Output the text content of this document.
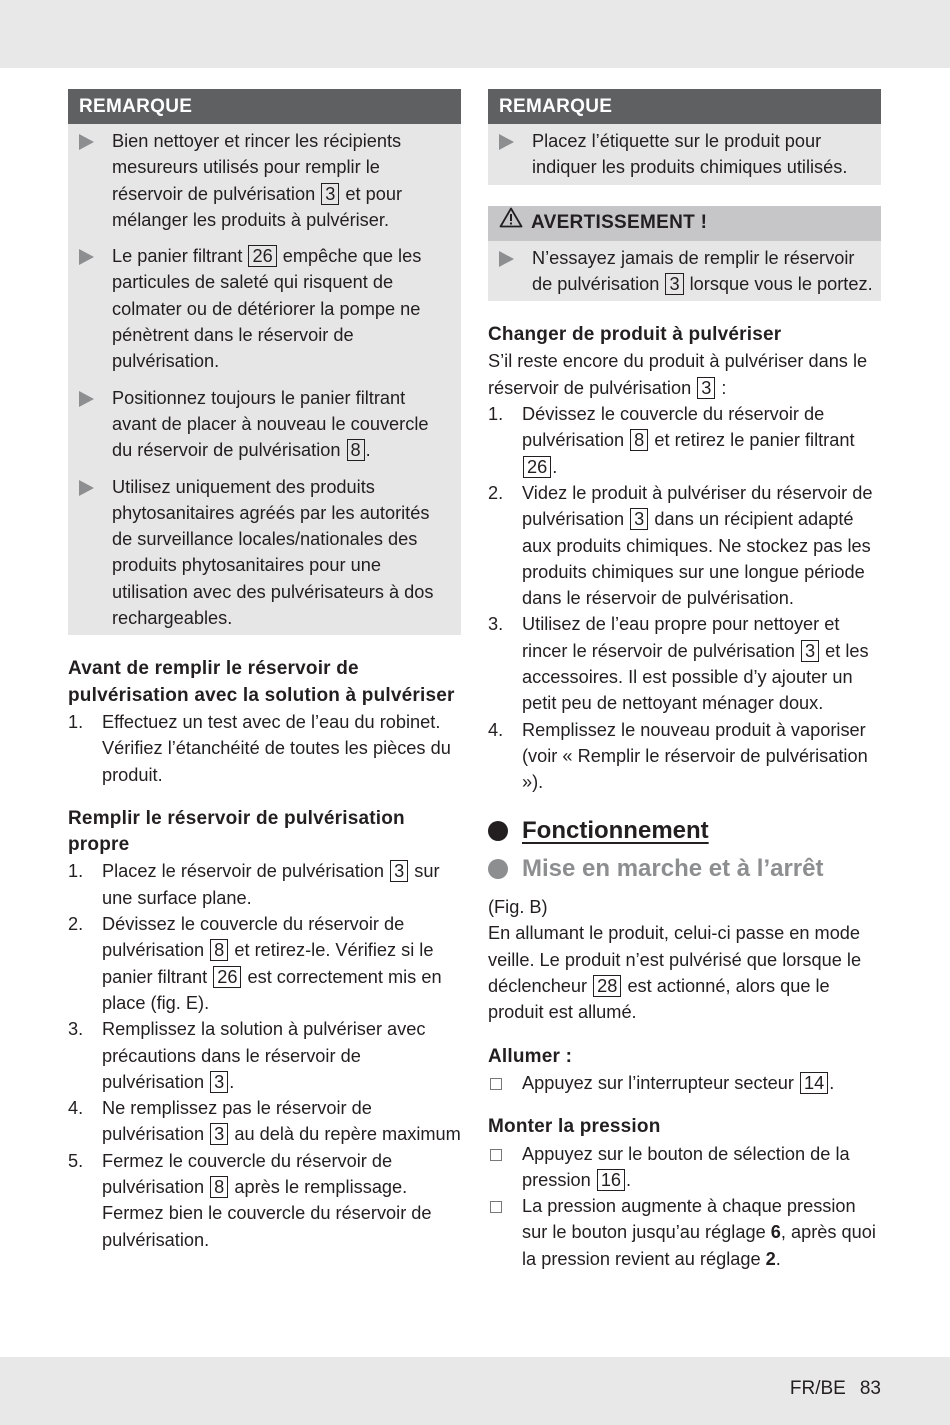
REMARQUE
Bien nettoyer et rincer les récipients mesureurs utilisés pour remplir le réservoir de pulvérisation 3 et pour mélanger les produits à pulvériser.
Le panier filtrant 26 empêche que les particules de saleté qui risquent de colmater ou de détériorer la pompe ne pénètrent dans le réservoir de pulvérisation.
Positionnez toujours le panier filtrant avant de placer à nouveau le couvercle du réservoir de pulvérisation 8 .
Utilisez uniquement des produits phytosanitaires agréés par les autorités de surveillance locales/nationales des produits phytosanitaires pour une utilisation avec des pulvérisateurs à dos rechargeables.
Avant de remplir le réservoir de pulvérisation avec la solution à pulvériser
1.	Effectuez un test avec de l’eau du robinet. Vérifiez l’étanchéité de toutes les pièces du produit.
Remplir le réservoir de pulvérisation propre
1.	Placez le réservoir de pulvérisation 3 sur une surface plane.
2.	Dévissez le couvercle du réservoir de pulvérisation 8 et retirez-le. Vérifiez si le panier filtrant 26 est correctement mis en place (fig. E).
3.	Remplissez la solution à pulvériser avec précautions dans le réservoir de pulvérisation 3 .
4.	Ne remplissez pas le réservoir de pulvérisation 3 au delà du repère maximum
5.	Fermez le couvercle du réservoir de pulvérisation 8 après le remplissage. Fermez bien le couvercle du réservoir de pulvérisation.
REMARQUE
Placez l’étiquette sur le produit pour indiquer les produits chimiques utilisés.
AVERTISSEMENT !
N’essayez jamais de remplir le réservoir de pulvérisation 3 lorsque vous le portez.
Changer de produit à pulvériser
S’il reste encore du produit à pulvériser dans le réservoir de pulvérisation 3 :
1.	Dévissez le couvercle du réservoir de pulvérisation 8 et retirez le panier filtrant 26 .
2.	Videz le produit à pulvériser du réservoir de pulvérisation 3 dans un récipient adapté aux produits chimiques. Ne stockez pas les produits chimiques sur une longue période dans le réservoir de pulvérisation.
3.	Utilisez de l’eau propre pour nettoyer et rincer le réservoir de pulvérisation 3 et les accessoires. Il est possible d’y ajouter un petit peu de nettoyant ménager doux.
4.	Remplissez le nouveau produit à vaporiser (voir « Remplir le réservoir de pulvérisation »).
Fonctionnement
Mise en marche et à l’arrêt
(Fig. B)
En allumant le produit, celui-ci passe en mode veille. Le produit n’est pulvérisé que lorsque le déclencheur 28 est actionné, alors que le produit est allumé.
Allumer :
Appuyez sur l’interrupteur secteur 14 .
Monter la pression
Appuyez sur le bouton de sélection de la pression 16 .
La pression augmente à chaque pression sur le bouton jusqu’au réglage 6, après quoi la pression revient au réglage 2.
FR/BE 83
